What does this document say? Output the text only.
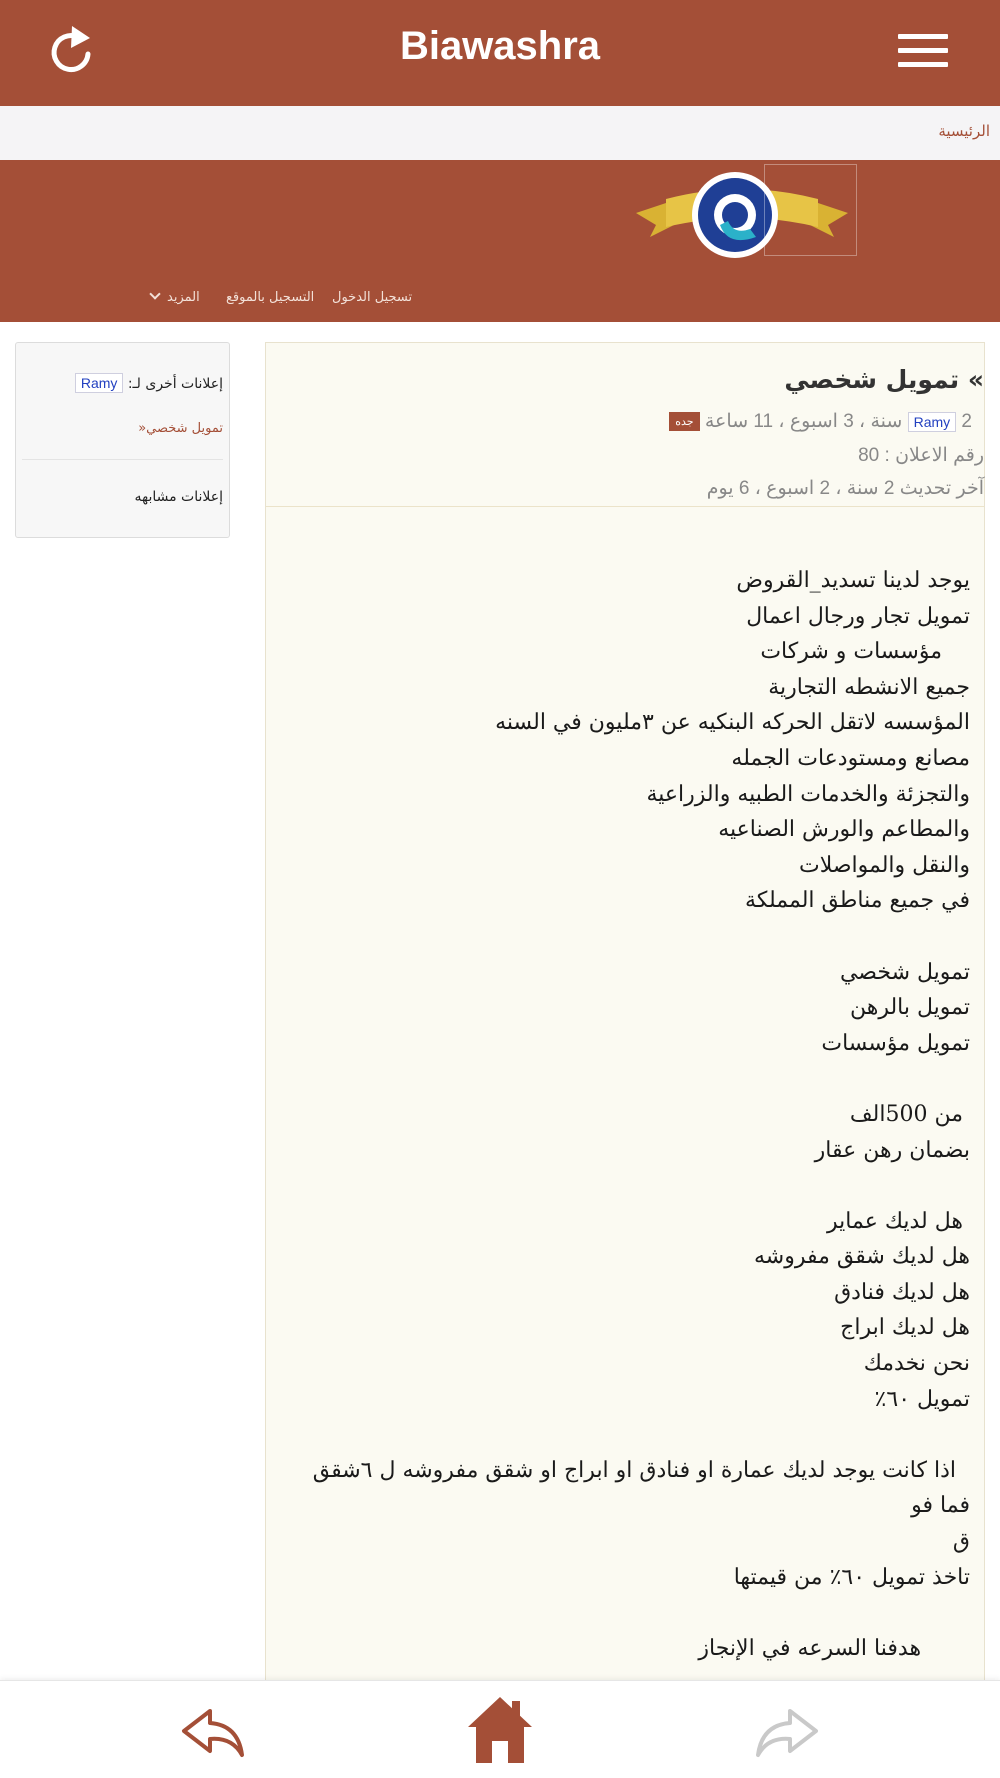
Biawashra
الرئيسية
تسجيل الدخول
التسجيل بالموقع
المزيد
إعلانات أخرى لـ: Ramy
»تمويل شخصي
إعلانات مشابهه
» تمويل شخصي
2 Ramy سنة ، 3 اسبوع ، 11 ساعة جده
رقم الاعلان : 80
آخر تحديث 2 سنة ، 2 اسبوع ، 6 يوم
يوجد لدينا تسديد_القروض
تمويل تجار ورجال اعمال
مؤسسات و شركات
جميع الانشطه التجارية
المؤسسه لاتقل الحركه البنكيه عن ٣مليون في السنه
مصانع ومستودعات الجمله
والتجزئة والخدمات الطبيه والزراعية
والمطاعم والورش الصناعيه
والنقل والمواصلات
في جميع مناطق المملكة

تمويل شخصي
تمويل بالرهن
تمويل مؤسسات

من 500الف
بضمان رهن عقار

هل لديك عماير
هل لديك شقق مفروشه
هل لديك فنادق
هل لديك ابراج
نحن نخدمك
تمويل ٦٠٪

اذا كانت يوجد لديك عمارة او فنادق او ابراج او شقق مفروشه ل ٦شقق فما فو
ق
تاخذ تمويل ٦٠٪ من قيمتها

هدفنا السرعه في الإنجاز
